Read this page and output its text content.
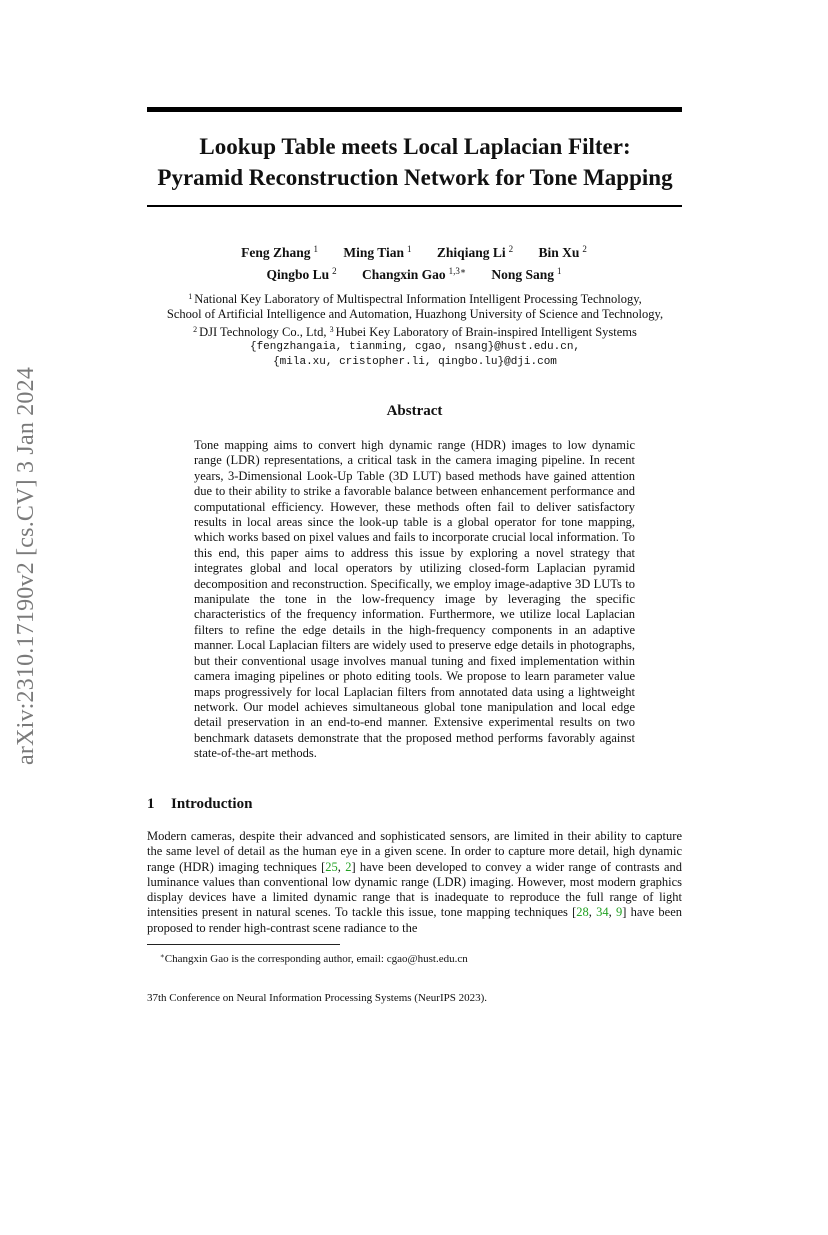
arXiv:2310.17190v2 [cs.CV] 3 Jan 2024
Lookup Table meets Local Laplacian Filter:
Pyramid Reconstruction Network for Tone Mapping
Feng Zhang $^1$ Ming Tian $^1$ Zhiqiang Li $^2$ Bin Xu $^2$
Qingbo Lu $^2$ Changxin Gao $^{1,3∗}$ Nong Sang $^1$
$^1$ National Key Laboratory of Multispectral Information Intelligent Processing Technology,
School of Artificial Intelligence and Automation, Huazhong University of Science and Technology,
$^2$ DJI Technology Co., Ltd, $^3$ Hubei Key Laboratory of Brain-inspired Intelligent Systems
{fengzhangaia, tianming, cgao, nsang}@hust.edu.cn,
{mila.xu, cristopher.li, qingbo.lu}@dji.com
Abstract
Tone mapping aims to convert high dynamic range (HDR) images to low dynamic range (LDR) representations, a critical task in the camera imaging pipeline. In recent years, 3-Dimensional Look-Up Table (3D LUT) based methods have gained attention due to their ability to strike a favorable balance between enhancement performance and computational efficiency. However, these methods often fail to deliver satisfactory results in local areas since the look-up table is a global operator for tone mapping, which works based on pixel values and fails to incorporate crucial local information. To this end, this paper aims to address this issue by exploring a novel strategy that integrates global and local operators by utilizing closed-form Laplacian pyramid decomposition and reconstruction. Specifically, we employ image-adaptive 3D LUTs to manipulate the tone in the low-frequency image by leveraging the specific characteristics of the frequency information. Furthermore, we utilize local Laplacian filters to refine the edge details in the high-frequency components in an adaptive manner. Local Laplacian filters are widely used to preserve edge details in photographs, but their conventional usage involves manual tuning and fixed implementation within camera imaging pipelines or photo editing tools. We propose to learn parameter value maps progressively for local Laplacian filters from annotated data using a lightweight network. Our model achieves simultaneous global tone manipulation and local edge detail preservation in an end-to-end manner. Extensive experimental results on two benchmark datasets demonstrate that the proposed method performs favorably against state-of-the-art methods.
1 Introduction
Modern cameras, despite their advanced and sophisticated sensors, are limited in their ability to capture the same level of detail as the human eye in a given scene. In order to capture more detail, high dynamic range (HDR) imaging techniques [25, 2] have been developed to convey a wider range of contrasts and luminance values than conventional low dynamic range (LDR) imaging. However, most modern graphics display devices have a limited dynamic range that is inadequate to reproduce the full range of light intensities present in natural scenes. To tackle this issue, tone mapping techniques [28, 34, 9] have been proposed to render high-contrast scene radiance to the
∗Changxin Gao is the corresponding author, email: cgao@hust.edu.cn
37th Conference on Neural Information Processing Systems (NeurIPS 2023).
